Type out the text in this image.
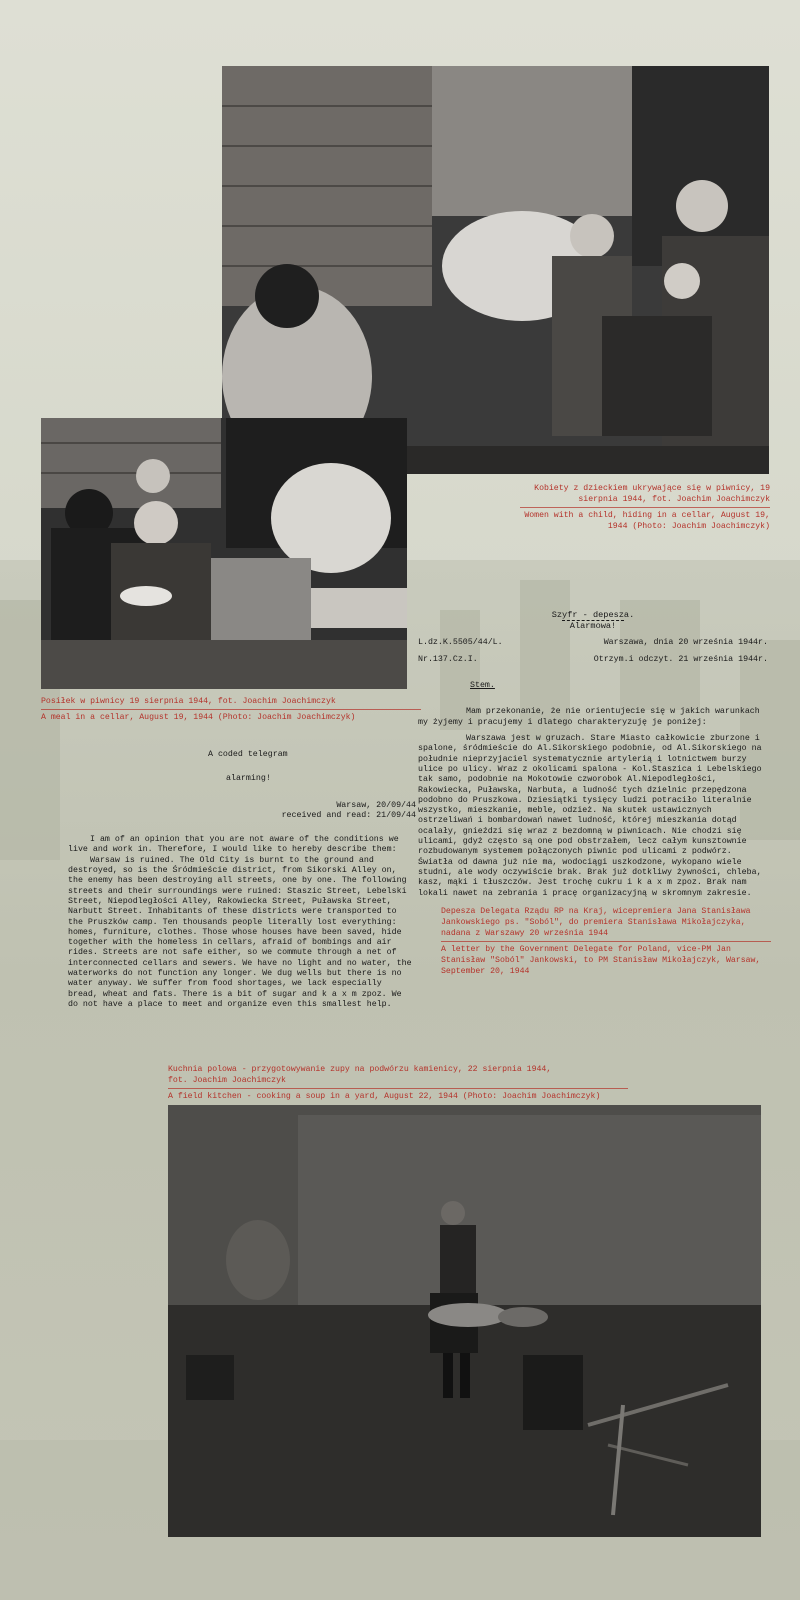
Kobiety z dzieckiem ukrywające się w piwnicy, 19 sierpnia 1944, fot. Joachim Joachimczyk
Women with a child, hiding in a cellar, August 19, 1944 (Photo: Joachim Joachimczyk)
Posiłek w piwnicy 19 sierpnia 1944, fot. Joachim Joachimczyk
A meal in a cellar, August 19, 1944 (Photo: Joachim Joachimczyk)

Szyfr - depesza.

Alarmowa!

L.dz.K.5505/44/L.	Warszawa, dnia 20 września 1944r.
Nr.137.Cz.I.	Otrzym.i odczyt. 21 września 1944r.

Stem.

Mam przekonanie, że nie orientujecie się w jakich warunkach my żyjemy i pracujemy i dlatego charakteryzuję je poniżej:

Warszawa jest w gruzach. Stare Miasto całkowicie zburzone i spalone, śródmieście do Al.Sikorskiego podobnie, od Al.Sikorskiego na południe nieprzyjaciel systematycznie artylerią i lotnictwem burzy ulice po ulicy. Wraz z okolicami spalona - Kol.Staszica i Lebelskiego tak samo, podobnie na Mokotowie czworobok Al.Niepodległości, Rakowiecka, Puławska, Narbuta, a ludność tych dzielnic przepędzona podobno do Pruszkowa. Dziesiątki tysięcy ludzi potraciło literalnie wszystko, mieszkanie, meble, odzież. Na skutek ustawicznych ostrzeliwań i bombardowań nawet ludność, której mieszkania dotąd ocalały, gnieździ się wraz z bezdomną w piwnicach. Nie chodzi się ulicami, gdyż często są one pod obstrzałem, lecz całym kunsztownie rozbudowanym systemem połączonych piwnic pod ulicami z podwórz. Światła od dawna już nie ma, wodociągi uszkodzone, wykopano wiele studni, ale wody oczywiście brak. Brak już dotkliwy żywności, chleba, kasz, mąki i tłuszczów. Jest trochę cukru i k a x m zpoz. Brak nam lokali nawet na zebrania i pracę organizacyjną w skromnym zakresie.

Depesza Delegata Rządu RP na Kraj, wicepremiera Jana Stanisława Jankowskiego ps. "Soból", do premiera Stanisława Mikołajczyka, nadana z Warszawy 20 września 1944
A letter by the Government Delegate for Poland, vice-PM Jan Stanisław "Soból" Jankowski, to PM Stanisław Mikołajczyk, Warsaw, September 20, 1944

A coded telegram

alarming!

Warsaw, 20/09/44

received and read: 21/09/44

I am of an opinion that you are not aware of the conditions we live and work in. Therefore, I would like to hereby describe them:

Warsaw is ruined. The Old City is burnt to the ground and destroyed, so is the Śródmieście district, from Sikorski Alley on, the enemy has been destroying all streets, one by one. The following streets and their surroundings were ruined: Staszic Street, Lebelski Street, Niepodległości Alley, Rakowiecka Street, Puławska Street, Narbutt Street. Inhabitants of these districts were transported to the Pruszków camp. Ten thousands people literally lost everything: homes, furniture, clothes. Those whose houses have been saved, hide together with the homeless in cellars, afraid of bombings and air rides. Streets are not safe either, so we commute through a net of interconnected cellars and sewers. We have no light and no water, the waterworks do not function any longer. We dug wells but there is no water anyway. We suffer from food shortages, we lack especially bread, wheat and fats. There is a bit of sugar and k a x m zpoz. We do not have a place to meet and organize even this smallest help.

Kuchnia polowa - przygotowywanie zupy na podwórzu kamienicy, 22 sierpnia 1944, fot. Joachim Joachimczyk
A field kitchen - cooking a soup in a yard, August 22, 1944 (Photo: Joachim Joachimczyk)
